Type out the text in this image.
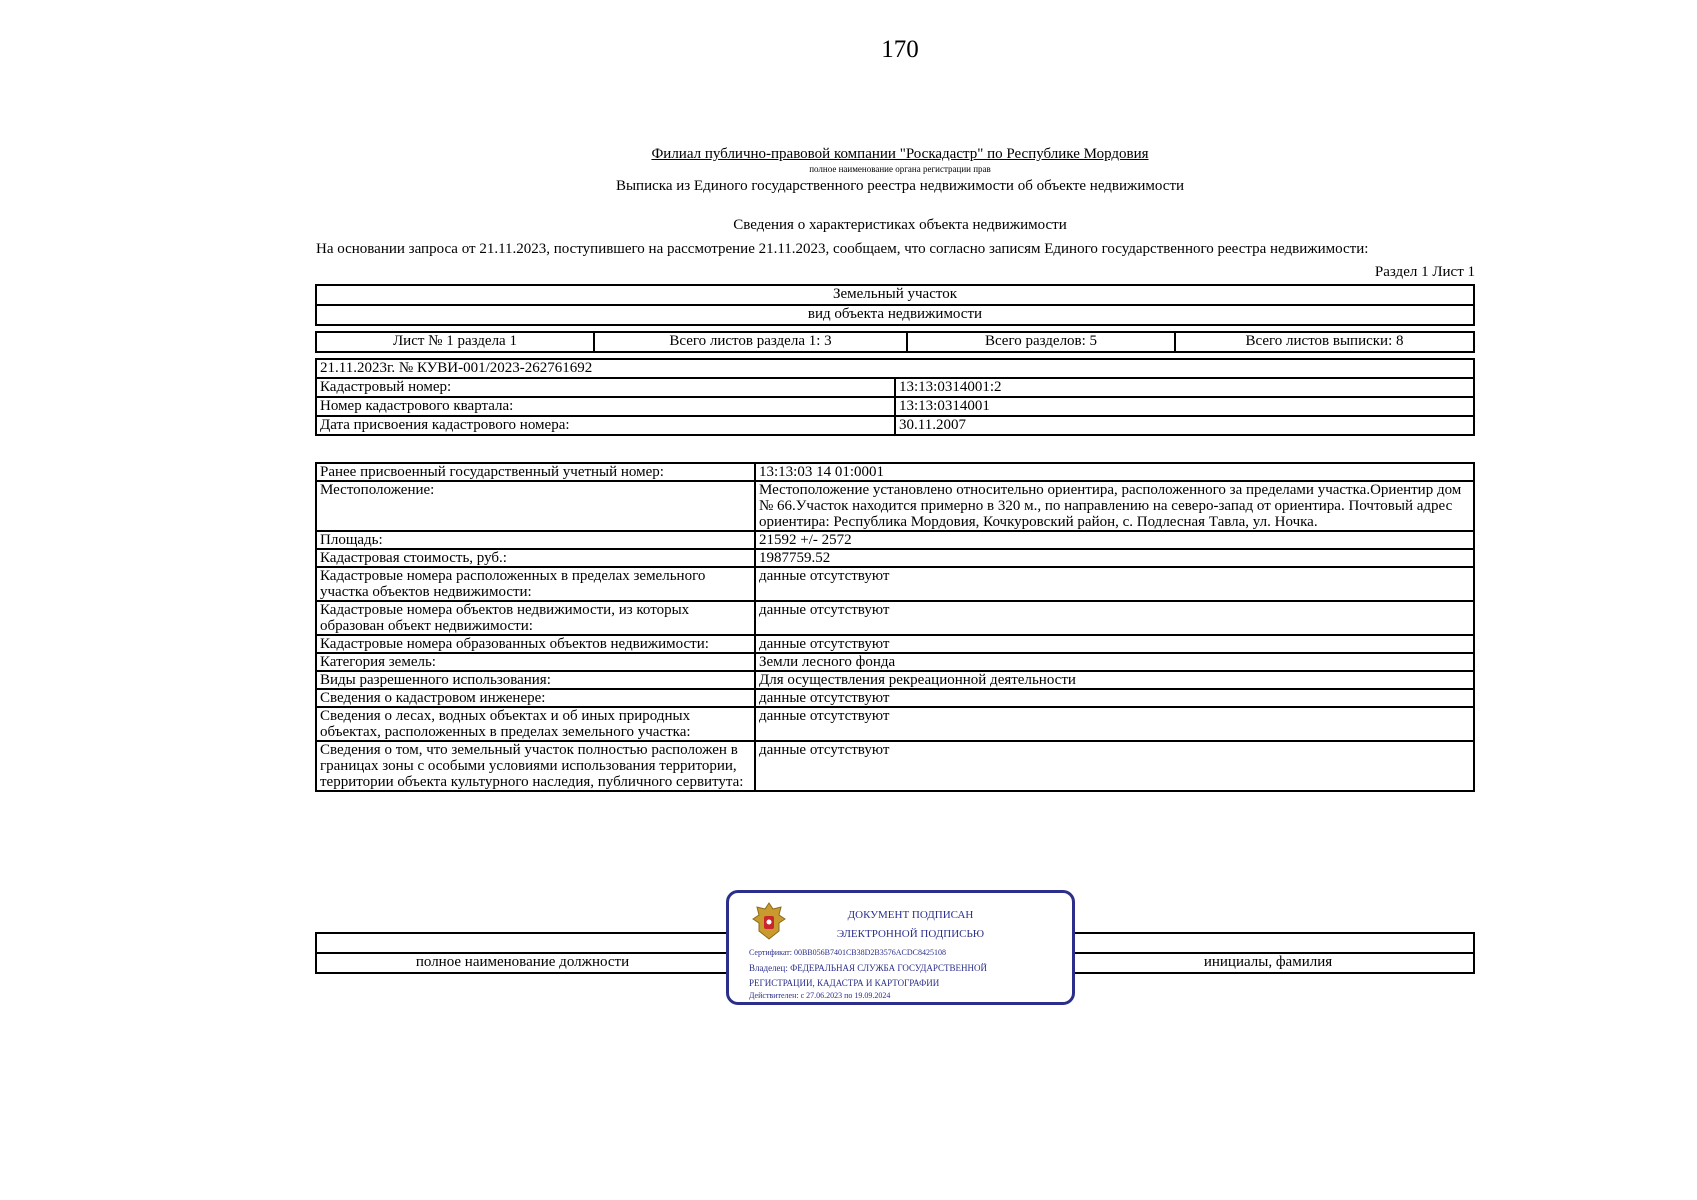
170
Филиал публично-правовой компании "Роскадастр" по Республике Мордовия
полное наименование органа регистрации прав
Выписка из Единого государственного реестра недвижимости об объекте недвижимости
Сведения о характеристиках объекта недвижимости
На основании запроса от 21.11.2023, поступившего на рассмотрение 21.11.2023, сообщаем, что согласно записям Единого государственного реестра недвижимости:
Раздел 1 Лист 1
Земельный участок
вид объекта недвижимости
Лист № 1 раздела 1	Всего листов раздела 1: 3	Всего разделов: 5	Всего листов выписки: 8
21.11.2023г. № КУВИ-001/2023-262761692	
Кадастровый номер:	13:13:0314001:2
Номер кадастрового квартала:	13:13:0314001
Дата присвоения кадастрового номера:	30.11.2007
Ранее присвоенный государственный учетный номер:	13:13:03 14 01:0001
Местоположение:	Местоположение установлено относительно ориентира, расположенного за пределами участка.Ориентир дом № 66.Участок находится примерно в 320 м., по направлению на северо-запад от ориентира. Почтовый адрес ориентира: Республика Мордовия, Кочкуровский район, с. Подлесная Тавла, ул. Ночка.
Площадь:	21592 +/- 2572
Кадастровая стоимость, руб.:	1987759.52
Кадастровые номера расположенных в пределах земельного участка объектов недвижимости:	данные отсутствуют
Кадастровые номера объектов недвижимости, из которых образован объект недвижимости:	данные отсутствуют
Кадастровые номера образованных объектов недвижимости:	данные отсутствуют
Категория земель:	Земли лесного фонда
Виды разрешенного использования:	Для осуществления рекреационной деятельности
Сведения о кадастровом инженере:	данные отсутствуют
Сведения о лесах, водных объектах и об иных природных объектах, расположенных в пределах земельного участка:	данные отсутствуют
Сведения о том, что земельный участок полностью расположен в границах зоны с особыми условиями использования территории, территории объекта культурного наследия, публичного сервитута:	данные отсутствуют

полное наименование должности		инициалы, фамилия
ДОКУМЕНТ ПОДПИСАН
ЭЛЕКТРОННОЙ ПОДПИСЬЮ
Сертификат: 00BB056B7401CB38D2B3576ACDC8425108
Владелец: ФЕДЕРАЛЬНАЯ СЛУЖБА ГОСУДАРСТВЕННОЙ
РЕГИСТРАЦИИ, КАДАСТРА И КАРТОГРАФИИ
Действителен: с 27.06.2023 по 19.09.2024
